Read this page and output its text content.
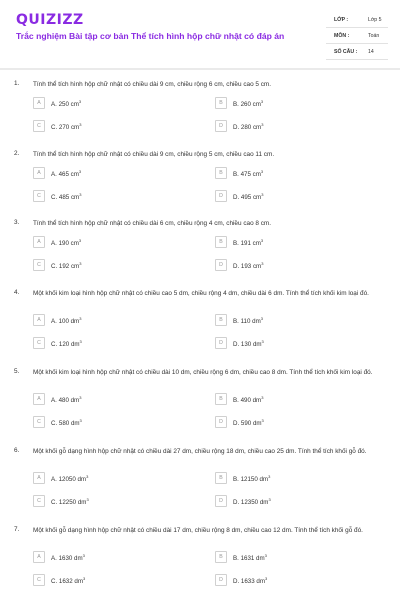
QUIZIZZ
Trắc nghiệm Bài tập cơ bản Thể tích hình hộp chữ nhật có đáp án
LỚP :	Lớp 5
MÔN :	Toán
SỐ CÂU : 14
1. Tính thể tích hình hộp chữ nhật có chiều dài 9 cm, chiều rộng 6 cm, chiều cao 5 cm.
A	A. 250 $cm^3$	B	B. 260 $cm^3$
C	C. 270 $cm^3$	D	D. 280 $cm^3$
2. Tính thể tích hình hộp chữ nhật có chiều dài 9 cm, chiều rộng 5 cm, chiều cao 11 cm.
A	A. 465 $cm^3$	B	B. 475 $cm^3$
C	C. 485 $cm^3$	D	D. 495 $cm^3$
3. Tính thể tích hình hộp chữ nhật có chiều dài 6 cm, chiều rộng 4 cm, chiều cao 8 cm.
A	A. 190 $cm^3$	B	B. 191 $cm^3$
C	C. 192 $cm^3$	D	D. 193 $cm^3$
4. Một khối kim loại hình hộp chữ nhật có chiều cao 5 dm, chiều rộng 4 dm, chiều dài 6 dm. Tính thể tích khối kim loại đó.
A	A. 100 $dm^3$	B	B. 110 $dm^3$
C	C. 120 $dm^3$	D	D. 130 $dm^3$
5. Một khối kim loại hình hộp chữ nhật có chiều dài 10 dm, chiều rộng 6 dm, chiều cao 8 dm. Tính thể tích khối kim loại đó.
A	A. 480 $dm^3$	B	B. 490 $dm^3$
C	C. 580 $dm^3$	D	D. 590 $dm^3$
6. Một khối gỗ dạng hình hộp chữ nhật có chiều dài 27 dm, chiều rộng 18 dm, chiều cao 25 dm. Tính thể tích khối gỗ đó.
A	A. 12050 $dm^3$	B	B. 12150 $dm^3$
C	C. 12250 $dm^3$	D	D. 12350 $dm^3$
7. Một khối gỗ dạng hình hộp chữ nhật có chiều dài 17 dm, chiều rộng 8 dm, chiều cao 12 dm. Tính thể tích khối gỗ đó.
A	A. 1630 $dm^3$	B	B. 1631 $dm^3$
C	C. 1632 $dm^3$	D	D. 1633 $dm^3$
